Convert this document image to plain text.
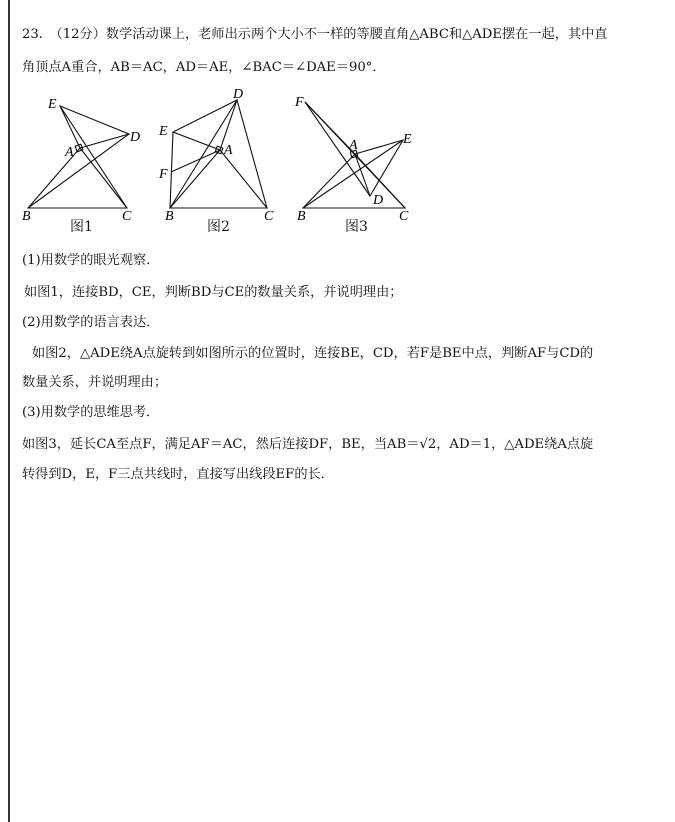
23.　（12分）数学活动课上，老师出示两个大小不一样的等腰直角△ABC和△ADE摆在一起，其中直
角顶点A重合，AB＝AC，AD＝AE，∠BAC＝∠DAE＝90°．
E
D
A
B	C
图1
D
E
A
F
B	C
图2
F
E
A
D
B	C
图3
(1)用数学的眼光观察．
如图1，连接BD，CE，判断BD与CE的数量关系，并说明理由；
(2)用数学的语言表达．
如图2，△ADE绕A点旋转到如图所示的位置时，连接BE，CD，若F是BE中点，判断AF与CD的
数量关系，并说明理由；
(3)用数学的思维思考．
如图3，延长CA至点F，满足AF＝AC，然后连接DF，BE，当AB＝√2，AD＝1，△ADE绕A点旋
转得到D，E，F三点共线时，直接写出线段EF的长．
